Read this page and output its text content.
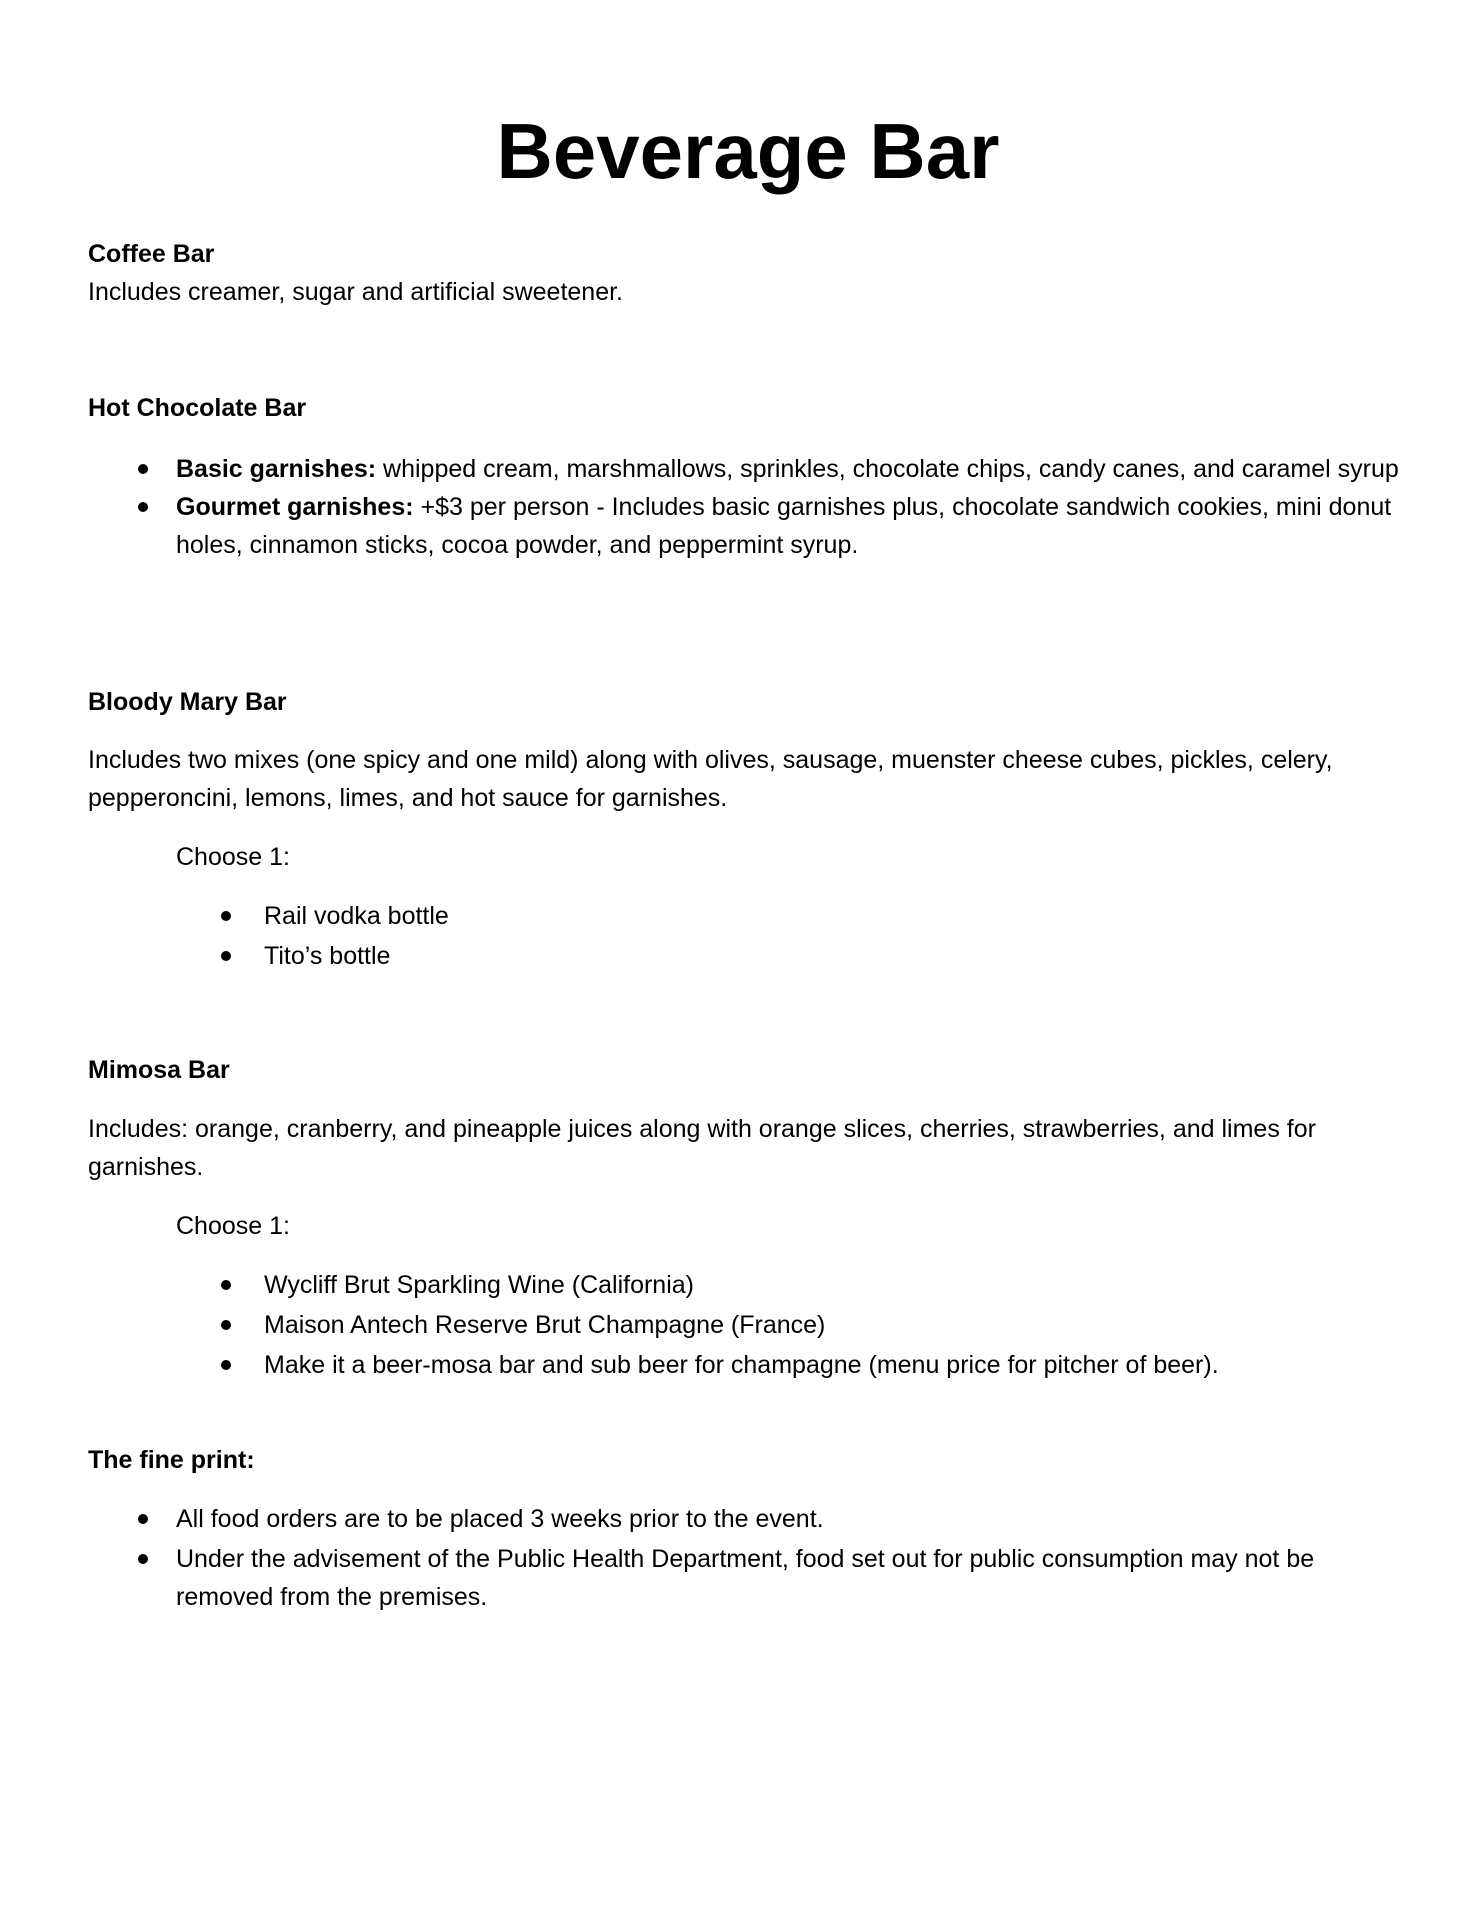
Beverage Bar
Coffee Bar
Includes creamer, sugar and artificial sweetener.
Hot Chocolate Bar
Basic garnishes: whipped cream, marshmallows, sprinkles, chocolate chips, candy canes, and caramel syrup
Gourmet garnishes: +$3 per person - Includes basic garnishes plus, chocolate sandwich cookies, mini donut holes, cinnamon sticks, cocoa powder, and peppermint syrup.
Bloody Mary Bar
Includes two mixes (one spicy and one mild) along with olives, sausage, muenster cheese cubes, pickles, celery, pepperoncini, lemons, limes, and hot sauce for garnishes.
Choose 1:
Rail vodka bottle
Tito’s bottle
Mimosa Bar
Includes: orange, cranberry, and pineapple juices along with orange slices, cherries, strawberries, and limes for garnishes.
Choose 1:
Wycliff Brut Sparkling Wine (California)
Maison Antech Reserve Brut Champagne (France)
Make it a beer-mosa bar and sub beer for champagne (menu price for pitcher of beer).
The fine print:
All food orders are to be placed 3 weeks prior to the event.
Under the advisement of the Public Health Department, food set out for public consumption may not be removed from the premises.
